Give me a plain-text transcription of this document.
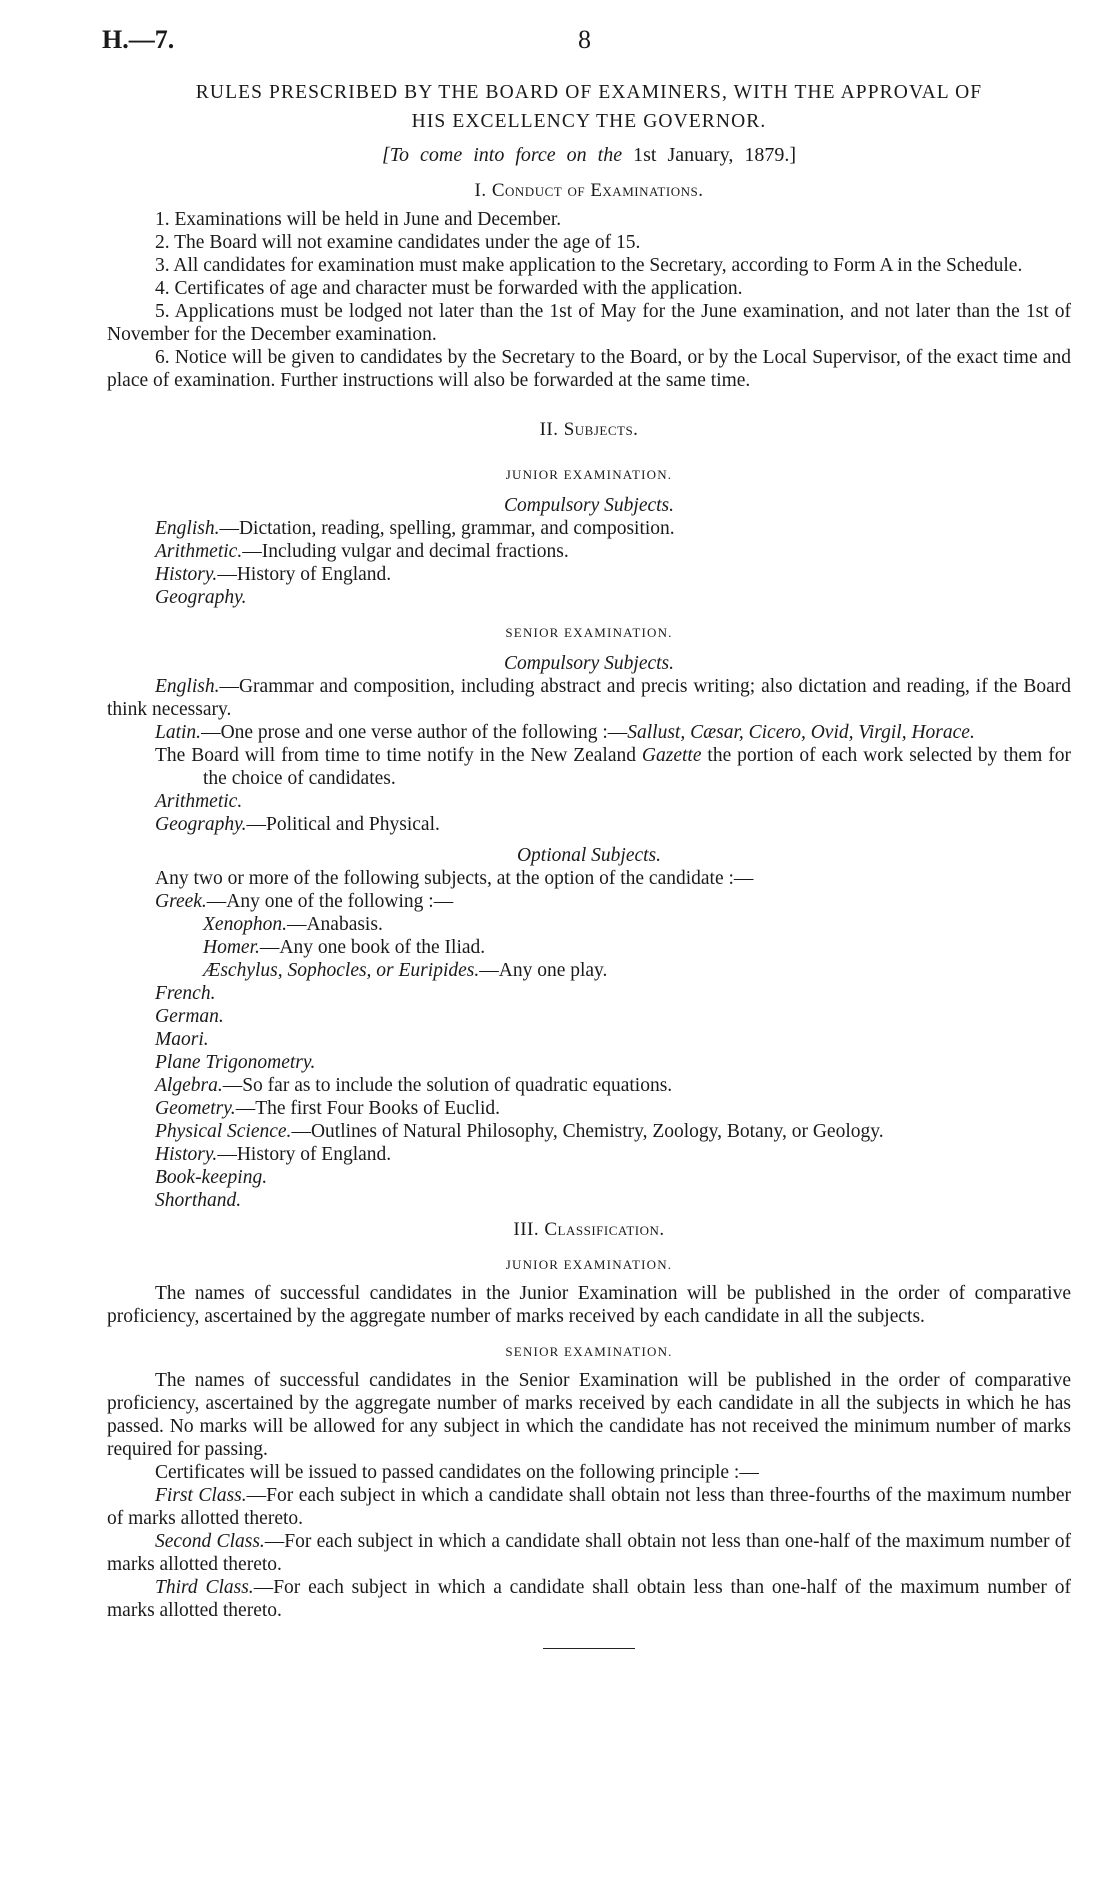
H.—7.	8
RULES PRESCRIBED BY THE BOARD OF EXAMINERS, WITH THE APPROVAL OF
HIS EXCELLENCY THE GOVERNOR.
[To come into force on the 1st January, 1879.]
I. Conduct of Examinations.

1. Examinations will be held in June and December.

2. The Board will not examine candidates under the age of 15.

3. All candidates for examination must make application to the Secretary, according to Form A in the Schedule.

4. Certificates of age and character must be forwarded with the application.

5. Applications must be lodged not later than the 1st of May for the June examination, and not later than the 1st of November for the December examination.

6. Notice will be given to candidates by the Secretary to the Board, or by the Local Supervisor, of the exact time and place of examination. Further instructions will also be forwarded at the same time.

II. Subjects.
JUNIOR EXAMINATION.
Compulsory Subjects.

English.—Dictation, reading, spelling, grammar, and composition.

Arithmetic.—Including vulgar and decimal fractions.

History.—History of England.

Geography.

SENIOR EXAMINATION.
Compulsory Subjects.

English.—Grammar and composition, including abstract and precis writing; also dictation and reading, if the Board think necessary.

Latin.—One prose and one verse author of the following :—Sallust, Cæsar, Cicero, Ovid, Virgil, Horace.

The Board will from time to time notify in the New Zealand Gazette the portion of each work selected by them for the choice of candidates.

Arithmetic.

Geography.—Political and Physical.

Optional Subjects.

Any two or more of the following subjects, at the option of the candidate :—

Greek.—Any one of the following :—

Xenophon.—Anabasis.

Homer.—Any one book of the Iliad.

Æschylus, Sophocles, or Euripides.—Any one play.

French.

German.

Maori.

Plane Trigonometry.

Algebra.—So far as to include the solution of quadratic equations.

Geometry.—The first Four Books of Euclid.

Physical Science.—Outlines of Natural Philosophy, Chemistry, Zoology, Botany, or Geology.

History.—History of England.

Book-keeping.

Shorthand.

III. Classification.
JUNIOR EXAMINATION.

The names of successful candidates in the Junior Examination will be published in the order of comparative proficiency, ascertained by the aggregate number of marks received by each candidate in all the subjects.

SENIOR EXAMINATION.

The names of successful candidates in the Senior Examination will be published in the order of comparative proficiency, ascertained by the aggregate number of marks received by each candidate in all the subjects in which he has passed. No marks will be allowed for any subject in which the candidate has not received the minimum number of marks required for passing.

Certificates will be issued to passed candidates on the following principle :—

First Class.—For each subject in which a candidate shall obtain not less than three-fourths of the maximum number of marks allotted thereto.

Second Class.—For each subject in which a candidate shall obtain not less than one-half of the maximum number of marks allotted thereto.

Third Class.—For each subject in which a candidate shall obtain less than one-half of the maximum number of marks allotted thereto.
